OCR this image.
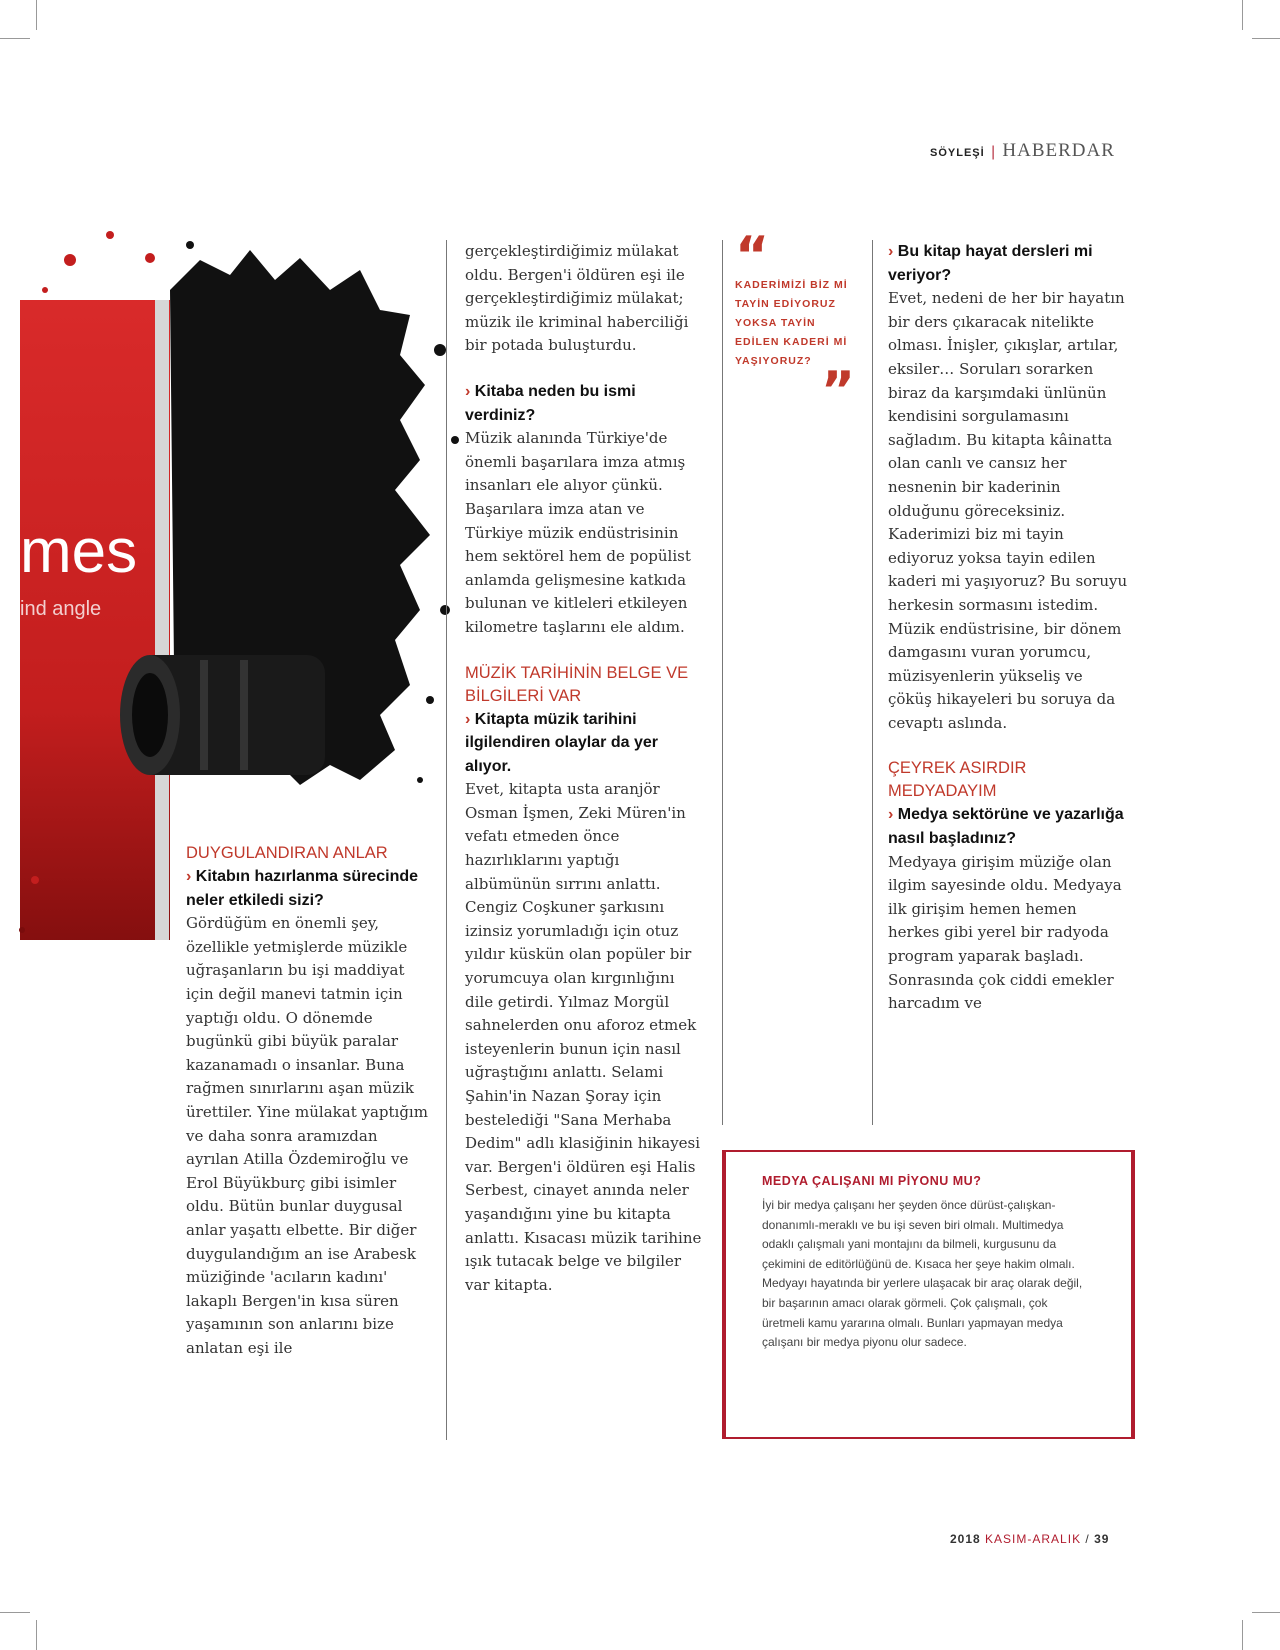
SÖYLEŞİ | HABERDAR
mes
ind angle
DUYGULANDIRAN ANLAR
› Kitabın hazırlanma sürecinde neler etkiledi sizi?
Gördüğüm en önemli şey, özellikle yetmişlerde müzikle uğraşanların bu işi maddiyat için değil manevi tatmin için yaptığı oldu. O dönemde bugünkü gibi büyük paralar kazanamadı o insanlar. Buna rağmen sınırlarını aşan müzik ürettiler. Yine mülakat yaptığım ve daha sonra aramızdan ayrılan Atilla Özdemiroğlu ve Erol Büyükburç gibi isimler oldu. Bütün bunlar duygusal anlar yaşattı elbette. Bir diğer duygulandığım an ise Arabesk müziğinde 'acıların kadını' lakaplı Bergen'in kısa süren yaşamının son anlarını bize anlatan eşi ile

gerçekleştirdiğimiz mülakat oldu. Bergen'i öldüren eşi ile gerçekleştirdiğimiz mülakat; müzik ile kriminal haberciliği bir potada buluşturdu.

› Kitaba neden bu ismi verdiniz?

Müzik alanında Türkiye'de önemli başarılara imza atmış insanları ele alıyor çünkü. Başarılara imza atan ve Türkiye müzik endüstrisinin hem sektörel hem de popülist anlamda gelişmesine katkıda bulunan ve kitleleri etkileyen kilometre taşlarını ele aldım.

MÜZİK TARİHİNİN BELGE VE BİLGİLERİ VAR
› Kitapta müzik tarihini ilgilendiren olaylar da yer alıyor.
Evet, kitapta usta aranjör Osman İşmen, Zeki Müren'in vefatı etmeden önce hazırlıklarını yaptığı albümünün sırrını anlattı. Cengiz Coşkuner şarkısını izinsiz yorumladığı için otuz yıldır küskün olan popüler bir yorumcuya olan kırgınlığını dile getirdi. Yılmaz Morgül sahnelerden onu aforoz etmek isteyenlerin bunun için nasıl uğraştığını anlattı. Selami Şahin'in Nazan Şoray için bestelediği "Sana Merhaba Dedim" adlı klasiğinin hikayesi var. Bergen'i öldüren eşi Halis Serbest, cinayet anında neler yaşandığını yine bu kitapta anlattı. Kısacası müzik tarihine ışık tutacak belge ve bilgiler var kitapta.
“
KADERİMİZİ BİZ Mİ TAYİN EDİYORUZ YOKSA TAYİN EDİLEN KADERİ Mİ YAŞIYORUZ? ”
› Bu kitap hayat dersleri mi veriyor?

Evet, nedeni de her bir hayatın bir ders çıkaracak nitelikte olması. İnişler, çıkışlar, artılar, eksiler… Soruları sorarken biraz da karşımdaki ünlünün kendisini sorgulamasını sağladım. Bu kitapta kâinatta olan canlı ve cansız her nesnenin bir kaderinin olduğunu göreceksiniz. Kaderimizi biz mi tayin ediyoruz yoksa tayin edilen kaderi mi yaşıyoruz? Bu soruyu herkesin sormasını istedim. Müzik endüstrisine, bir dönem damgasını vuran yorumcu, müzisyenlerin yükseliş ve çöküş hikayeleri bu soruya da cevaptı aslında.

ÇEYREK ASIRDIR MEDYADAYIM
› Medya sektörüne ve yazarlığa nasıl başladınız?
Medyaya girişim müziğe olan ilgim sayesinde oldu. Medyaya ilk girişim hemen hemen herkes gibi yerel bir radyoda program yaparak başladı. Sonrasında çok ciddi emekler harcadım ve
MEDYA ÇALIŞANI MI PİYONU MU?
İyi bir medya çalışanı her şeyden önce dürüst-çalışkan-donanımlı-meraklı ve bu işi seven biri olmalı. Multimedya odaklı çalışmalı yani montajını da bilmeli, kurgusunu da çekimini de editörlüğünü de. Kısaca her şeye hakim olmalı. Medyayı hayatında bir yerlere ulaşacak bir araç olarak değil, bir başarının amacı olarak görmeli. Çok çalışmalı, çok üretmeli kamu yararına olmalı. Bunları yapmayan medya çalışanı bir medya piyonu olur sadece.
2018 KASIM-ARALIK / 39
